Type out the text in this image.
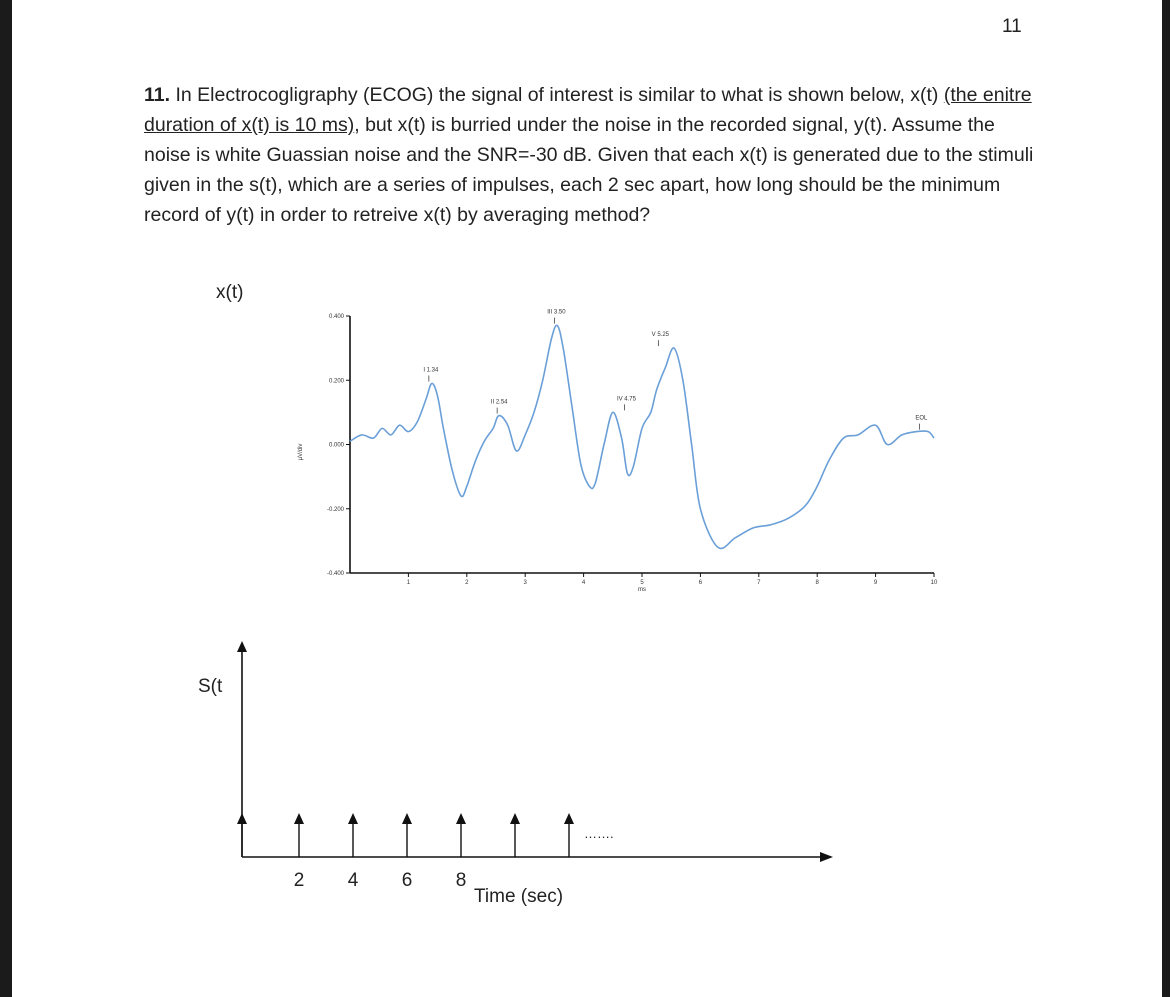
11
11. In Electrocogligraphy (ECOG) the signal of interest is similar to what is shown below, x(t) (the enitre duration of x(t) is 10 ms), but x(t) is burried under the noise in the recorded signal, y(t). Assume the noise is white Guassian noise and the SNR=-30 dB. Given that each x(t) is generated due to the stimuli given in the s(t), which are a series of impulses, each 2 sec apart, how long should be the minimum record of y(t) in order to retreive x(t) by averaging method?
x(t)
µV/div
ms
0.400
0.200
0.000
-0.200
-0.400
1	2	3	4	5	6	7	8	9	10
I 1.34
II 2.54
III 3.50
IV 4.75
V 5.25
EOL
S(t
2 4 6 8
…….
Time (sec)
